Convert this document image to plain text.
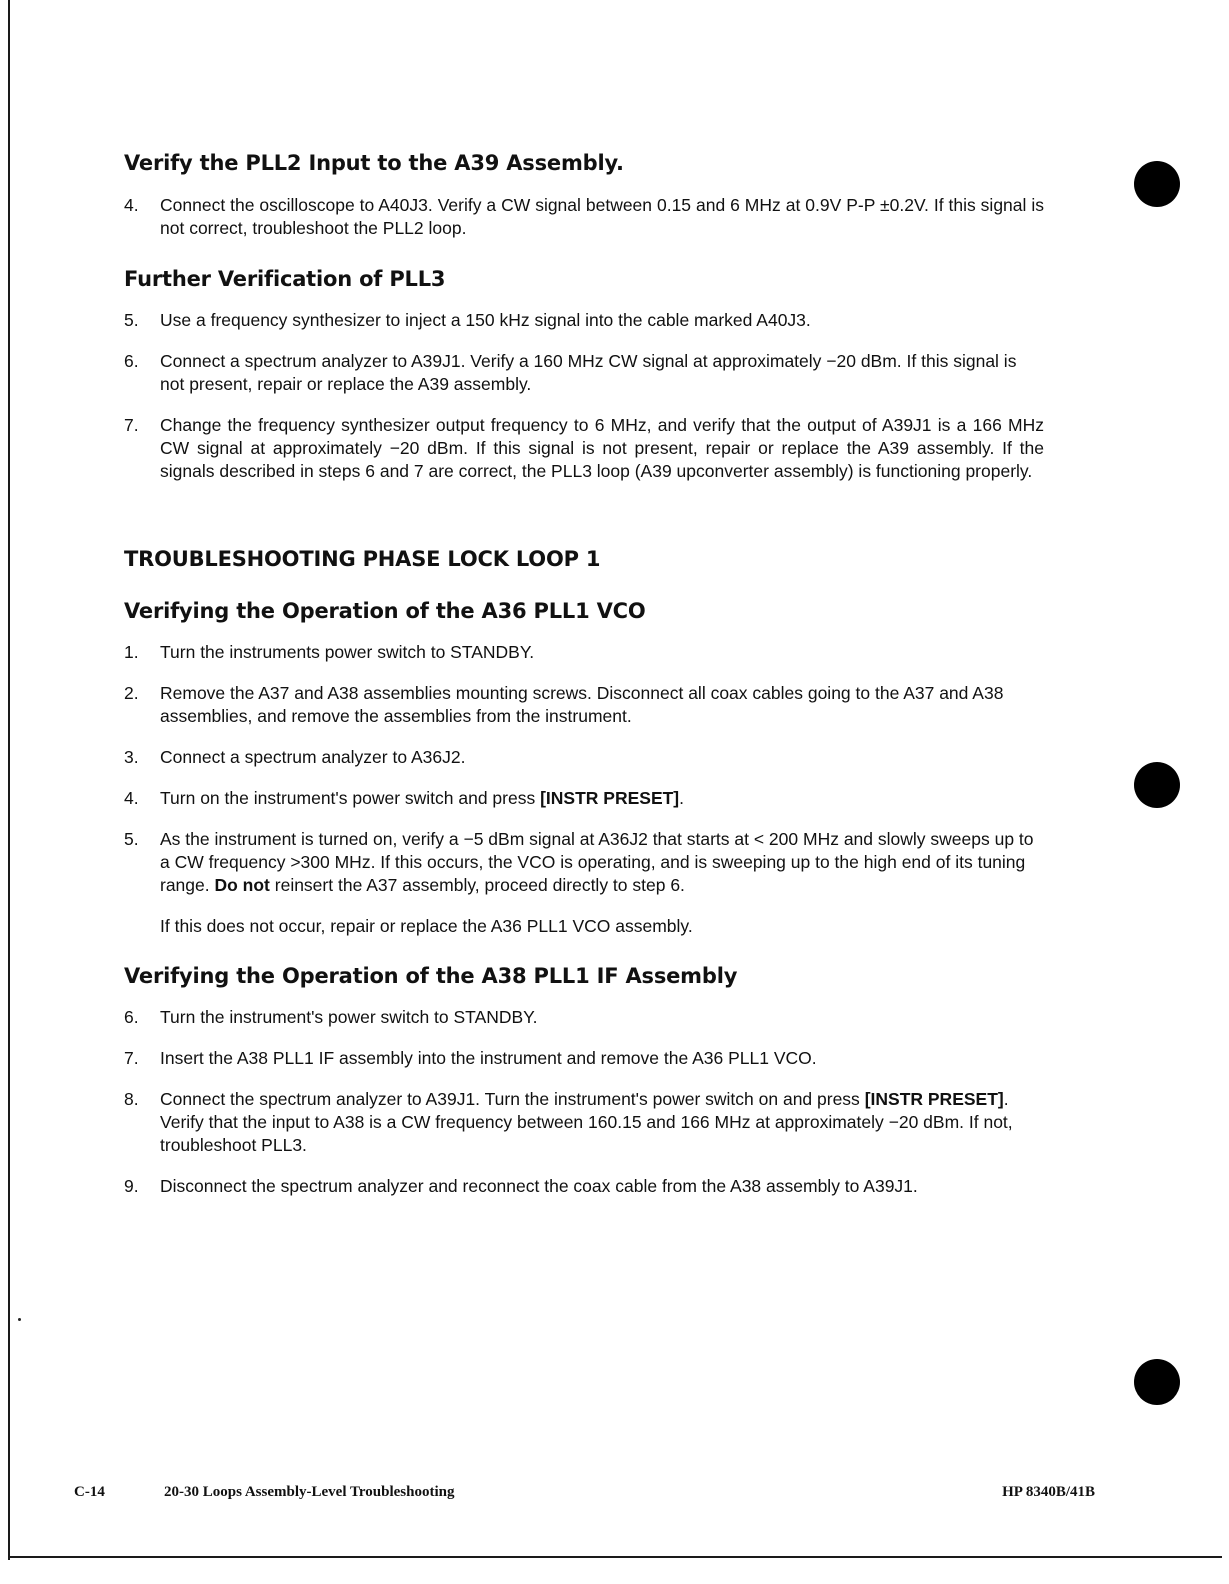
Verify the PLL2 Input to the A39 Assembly.

4. Connect the oscilloscope to A40J3. Verify a CW signal between 0.15 and 6 MHz at 0.9V P-P ±0.2V. If this signal is not correct, troubleshoot the PLL2 loop.

Further Verification of PLL3

5. Use a frequency synthesizer to inject a 150 kHz signal into the cable marked A40J3.

6. Connect a spectrum analyzer to A39J1. Verify a 160 MHz CW signal at approximately −20 dBm. If this signal is not present, repair or replace the A39 assembly.

7. Change the frequency synthesizer output frequency to 6 MHz, and verify that the output of A39J1 is a 166 MHz CW signal at approximately −20 dBm. If this signal is not present, repair or replace the A39 assembly. If the signals described in steps 6 and 7 are correct, the PLL3 loop (A39 upconverter assembly) is functioning properly.

TROUBLESHOOTING PHASE LOCK LOOP 1
Verifying the Operation of the A36 PLL1 VCO

1. Turn the instruments power switch to STANDBY.

2. Remove the A37 and A38 assemblies mounting screws. Disconnect all coax cables going to the A37 and A38 assemblies, and remove the assemblies from the instrument.

3. Connect a spectrum analyzer to A36J2.

4. Turn on the instrument's power switch and press [INSTR PRESET].

5. As the instrument is turned on, verify a −5 dBm signal at A36J2 that starts at < 200 MHz and slowly sweeps up to a CW frequency >300 MHz. If this occurs, the VCO is operating, and is sweeping up to the high end of its tuning range. Do not reinsert the A37 assembly, proceed directly to step 6.

If this does not occur, repair or replace the A36 PLL1 VCO assembly.

Verifying the Operation of the A38 PLL1 IF Assembly

6. Turn the instrument's power switch to STANDBY.

7. Insert the A38 PLL1 IF assembly into the instrument and remove the A36 PLL1 VCO.

8. Connect the spectrum analyzer to A39J1. Turn the instrument's power switch on and press [INSTR PRESET]. Verify that the input to A38 is a CW frequency between 160.15 and 166 MHz at approximately −20 dBm. If not, troubleshoot PLL3.

9. Disconnect the spectrum analyzer and reconnect the coax cable from the A38 assembly to A39J1.

C-14	20-30 Loops Assembly-Level Troubleshooting	HP 8340B/41B
